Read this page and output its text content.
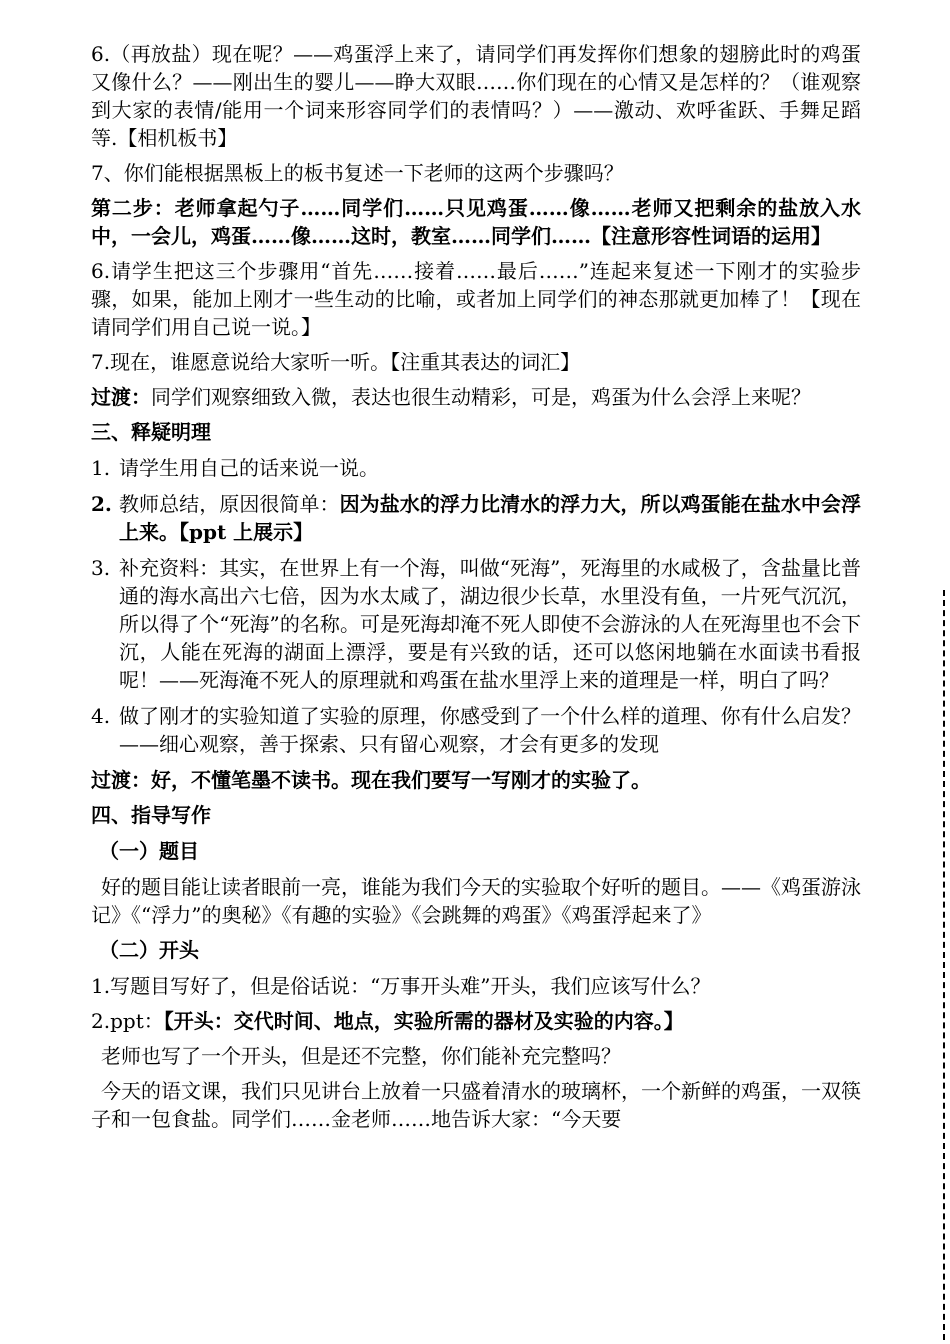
6.（再放盐）现在呢？——鸡蛋浮上来了，请同学们再发挥你们想象的翅膀此时的鸡蛋又像什么？——刚出生的婴儿——睁大双眼……你们现在的心情又是怎样的？（谁观察到大家的表情/能用一个词来形容同学们的表情吗？）——激动、欢呼雀跃、手舞足蹈等.【相机板书】

7、你们能根据黑板上的板书复述一下老师的这两个步骤吗？

第二步：老师拿起勺子……同学们……只见鸡蛋……像……老师又把剩余的盐放入水中，一会儿，鸡蛋……像……这时，教室……同学们……【注意形容性词语的运用】

6.请学生把这三个步骤用“首先……接着……最后……”连起来复述一下刚才的实验步骤，如果，能加上刚才一些生动的比喻，或者加上同学们的神态那就更加棒了！【现在请同学们用自己说一说。】

7.现在，谁愿意说给大家听一听。【注重其表达的词汇】

过渡：同学们观察细致入微，表达也很生动精彩，可是，鸡蛋为什么会浮上来呢？

三、释疑明理
1. 请学生用自己的话来说一说。
2. 教师总结，原因很简单：因为盐水的浮力比清水的浮力大，所以鸡蛋能在盐水中会浮上来。【ppt 上展示】
3. 补充资料：其实，在世界上有一个海，叫做“死海”，死海里的水咸极了，含盐量比普通的海水高出六七倍，因为水太咸了，湖边很少长草，水里没有鱼，一片死气沉沉，所以得了个“死海”的名称。可是死海却淹不死人即使不会游泳的人在死海里也不会下沉，人能在死海的湖面上漂浮，要是有兴致的话，还可以悠闲地躺在水面读书看报呢！——死海淹不死人的原理就和鸡蛋在盐水里浮上来的道理是一样，明白了吗？
4. 做了刚才的实验知道了实验的原理，你感受到了一个什么样的道理、你有什么启发？——细心观察，善于探索、只有留心观察，才会有更多的发现

过渡：好，不懂笔墨不读书。现在我们要写一写刚才的实验了。

四、指导写作
（一）题目

好的题目能让读者眼前一亮，谁能为我们今天的实验取个好听的题目。——《鸡蛋游泳记》《“浮力”的奥秘》《有趣的实验》《会跳舞的鸡蛋》《鸡蛋浮起来了》

（二）开头

1.写题目写好了，但是俗话说：“万事开头难”开头，我们应该写什么？

2.ppt：【开头：交代时间、地点，实验所需的器材及实验的内容。】

老师也写了一个开头，但是还不完整，你们能补充完整吗？

今天的语文课，我们只见讲台上放着一只盛着清水的玻璃杯，一个新鲜的鸡蛋，一双筷子和一包食盐。同学们……金老师……地告诉大家：“今天要
